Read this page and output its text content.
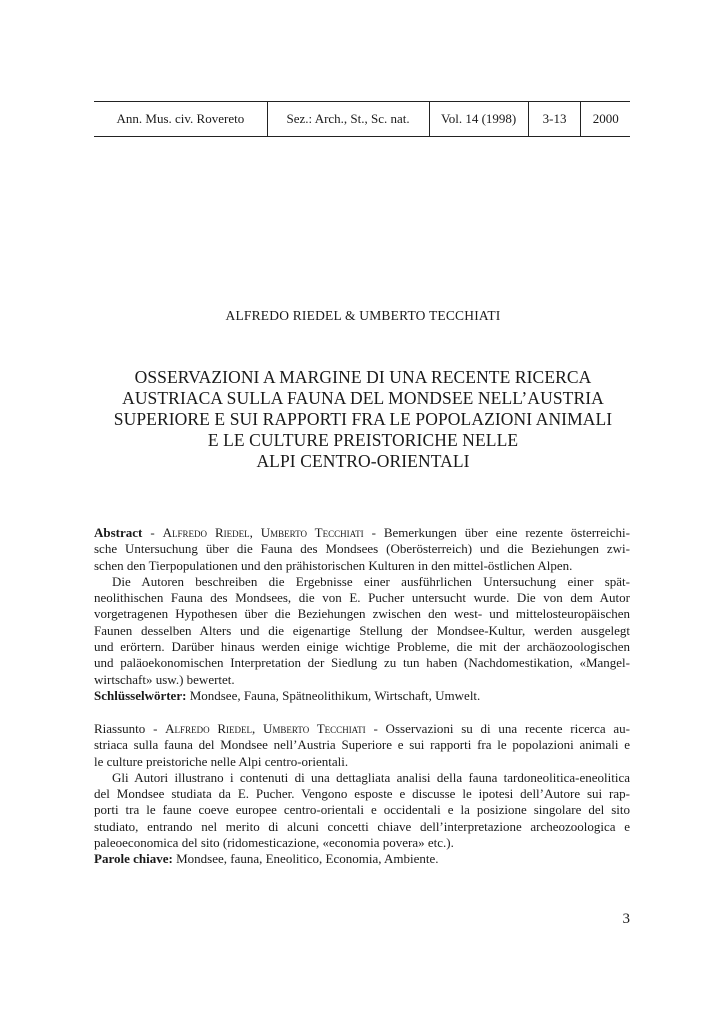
Ann. Mus. civ. Rovereto	Sez.: Arch., St., Sc. nat.	Vol. 14 (1998)	3-13	2000
ALFREDO RIEDEL & UMBERTO TECCHIATI
OSSERVAZIONI A MARGINE DI UNA RECENTE RICERCA
AUSTRIACA SULLA FAUNA DEL MONDSEE NELL’AUSTRIA
SUPERIORE E SUI RAPPORTI FRA LE POPOLAZIONI ANIMALI
E LE CULTURE PREISTORICHE NELLE
ALPI CENTRO-ORIENTALI
Abstract - Alfredo Riedel, Umberto Tecchiati - Bemerkungen über eine rezente österreichi-
sche Untersuchung über die Fauna des Mondsees (Oberösterreich) und die Beziehungen zwi-
schen den Tierpopulationen und den prähistorischen Kulturen in den mittel-östlichen Alpen.
Die Autoren beschreiben die Ergebnisse einer ausführlichen Untersuchung einer spät-
neolithischen Fauna des Mondsees, die von E. Pucher untersucht wurde. Die von dem Autor
vorgetragenen Hypothesen über die Beziehungen zwischen den west- und mittelosteuropäischen
Faunen desselben Alters und die eigenartige Stellung der Mondsee-Kultur, werden ausgelegt
und erörtern. Darüber hinaus werden einige wichtige Probleme, die mit der archäozoologischen
und paläoekonomischen Interpretation der Siedlung zu tun haben (Nachdomestikation, «Mangel-
wirtschaft» usw.) bewertet.
Schlüsselwörter: Mondsee, Fauna, Spätneolithikum, Wirtschaft, Umwelt.
Riassunto - Alfredo Riedel, Umberto Tecchiati - Osservazioni su di una recente ricerca au-
striaca sulla fauna del Mondsee nell’Austria Superiore e sui rapporti fra le popolazioni animali e
le culture preistoriche nelle Alpi centro-orientali.
Gli Autori illustrano i contenuti di una dettagliata analisi della fauna tardoneolitica-eneolitica
del Mondsee studiata da E. Pucher. Vengono esposte e discusse le ipotesi dell’Autore sui rap-
porti tra le faune coeve europee centro-orientali e occidentali e la posizione singolare del sito
studiato, entrando nel merito di alcuni concetti chiave dell’interpretazione archeozoologica e
paleoeconomica del sito (ridomesticazione, «economia povera» etc.).
Parole chiave: Mondsee, fauna, Eneolitico, Economia, Ambiente.
3
